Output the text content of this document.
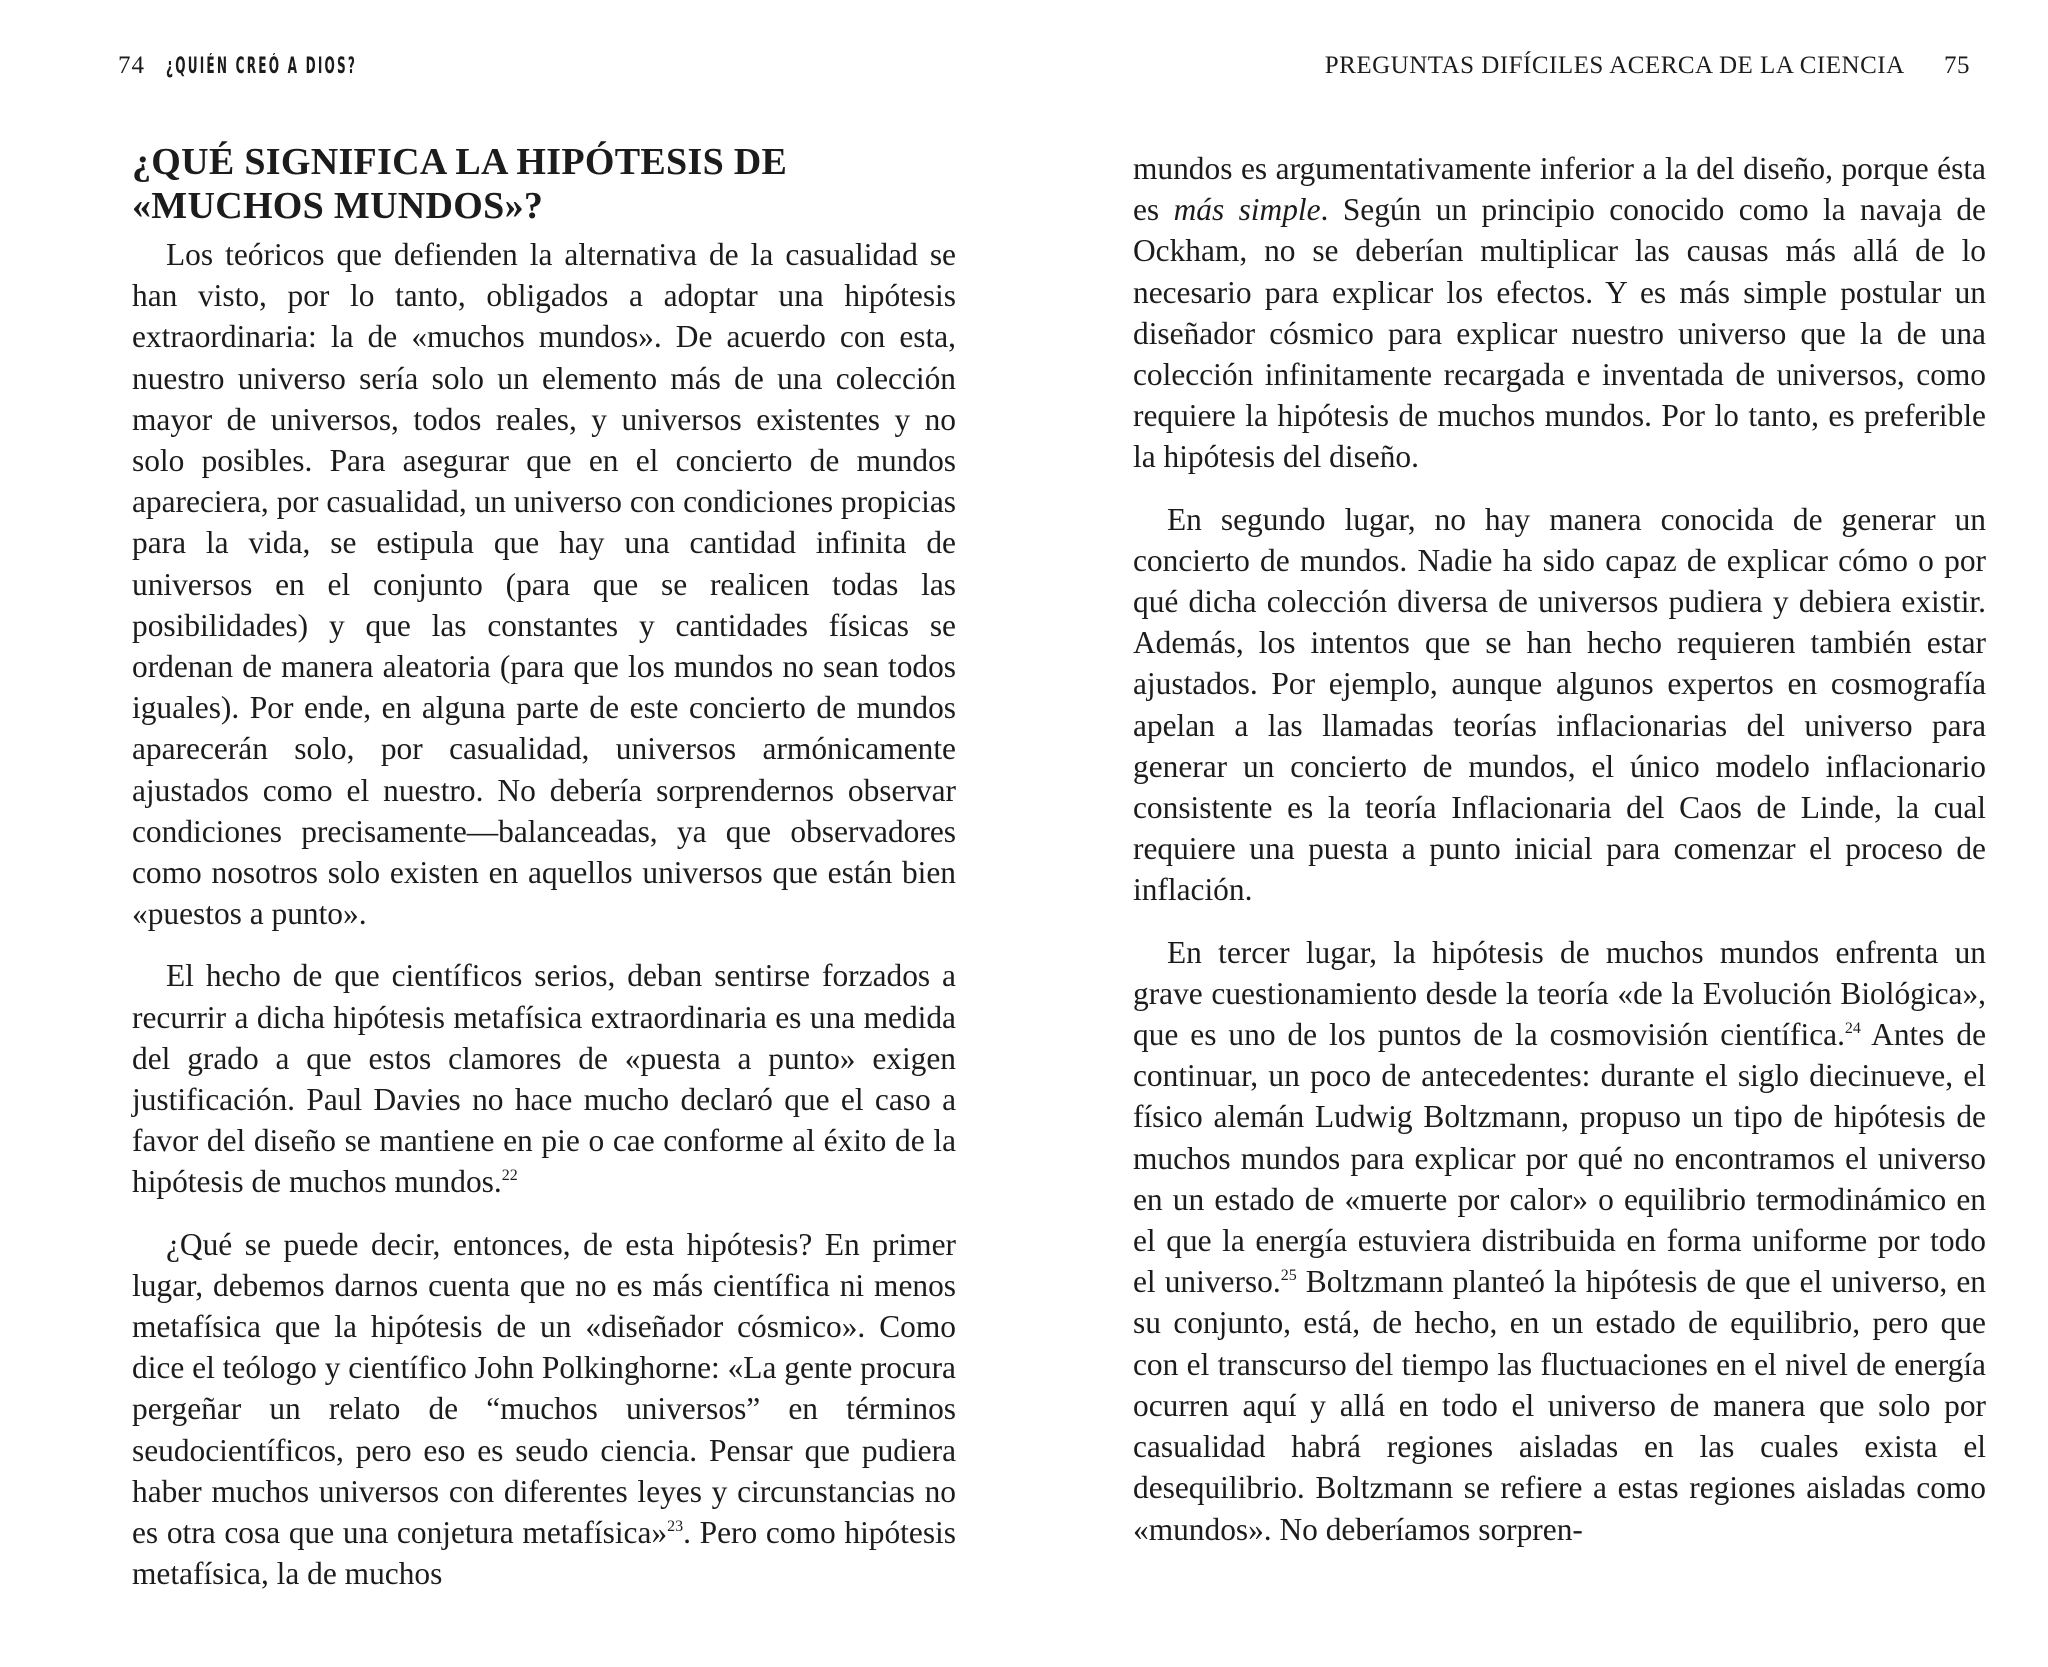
74 ¿QUIÉN CREÓ A DIOS?
¿QUÉ SIGNIFICA LA HIPÓTESIS DE «MUCHOS MUNDOS»?

Los teóricos que defienden la alternativa de la casualidad se han visto, por lo tanto, obligados a adoptar una hipótesis extraordinaria: la de «muchos mundos». De acuerdo con esta, nuestro universo sería solo un elemento más de una colección mayor de universos, todos reales, y universos existentes y no solo posibles. Para asegurar que en el concierto de mundos apareciera, por casualidad, un universo con condiciones propicias para la vida, se estipula que hay una cantidad infinita de universos en el conjunto (para que se realicen todas las posibilidades) y que las constantes y cantidades físicas se ordenan de manera aleatoria (para que los mundos no sean todos iguales). Por ende, en alguna parte de este concierto de mundos aparecerán solo, por casualidad, universos armónicamente ajustados como el nuestro. No debería sorprendernos observar condiciones precisamente—balanceadas, ya que observadores como nosotros solo existen en aquellos universos que están bien «puestos a punto».

El hecho de que científicos serios, deban sentirse forzados a recurrir a dicha hipótesis metafísica extraordinaria es una medida del grado a que estos clamores de «puesta a punto» exigen justificación. Paul Davies no hace mucho declaró que el caso a favor del diseño se mantiene en pie o cae conforme al éxito de la hipótesis de muchos mundos.$^{22}$

¿Qué se puede decir, entonces, de esta hipótesis? En primer lugar, debemos darnos cuenta que no es más científica ni menos metafísica que la hipótesis de un «diseñador cósmico». Como dice el teólogo y científico John Polkinghorne: «La gente procura pergeñar un relato de “muchos universos” en términos seudocientíficos, pero eso es seudo ciencia. Pensar que pudiera haber muchos universos con diferentes leyes y circunstancias no es otra cosa que una conjetura metafísica»$^{23}$. Pero como hipótesis metafísica, la de muchos

PREGUNTAS DIFÍCILES ACERCA DE LA CIENCIA 75

mundos es argumentativamente inferior a la del diseño, porque ésta es más simple. Según un principio conocido como la navaja de Ockham, no se deberían multiplicar las causas más allá de lo necesario para explicar los efectos. Y es más simple postular un diseñador cósmico para explicar nuestro universo que la de una colección infinitamente recargada e inventada de universos, como requiere la hipótesis de muchos mundos. Por lo tanto, es preferible la hipótesis del diseño.

En segundo lugar, no hay manera conocida de generar un concierto de mundos. Nadie ha sido capaz de explicar cómo o por qué dicha colección diversa de universos pudiera y debiera existir. Además, los intentos que se han hecho requieren también estar ajustados. Por ejemplo, aunque algunos expertos en cosmografía apelan a las llamadas teorías inflacionarias del universo para generar un concierto de mundos, el único modelo inflacionario consistente es la teoría Inflacionaria del Caos de Linde, la cual requiere una puesta a punto inicial para comenzar el proceso de inflación.

En tercer lugar, la hipótesis de muchos mundos enfrenta un grave cuestionamiento desde la teoría «de la Evolución Biológica», que es uno de los puntos de la cosmovisión científica.$^{24}$ Antes de continuar, un poco de antecedentes: durante el siglo diecinueve, el físico alemán Ludwig Boltzmann, propuso un tipo de hipótesis de muchos mundos para explicar por qué no encontramos el universo en un estado de «muerte por calor» o equilibrio termodinámico en el que la energía estuviera distribuida en forma uniforme por todo el universo.$^{25}$ Boltzmann planteó la hipótesis de que el universo, en su conjunto, está, de hecho, en un estado de equilibrio, pero que con el transcurso del tiempo las fluctuaciones en el nivel de energía ocurren aquí y allá en todo el universo de manera que solo por casualidad habrá regiones aisladas en las cuales exista el desequilibrio. Boltzmann se refiere a estas regiones aisladas como «mundos». No deberíamos sorpren-
